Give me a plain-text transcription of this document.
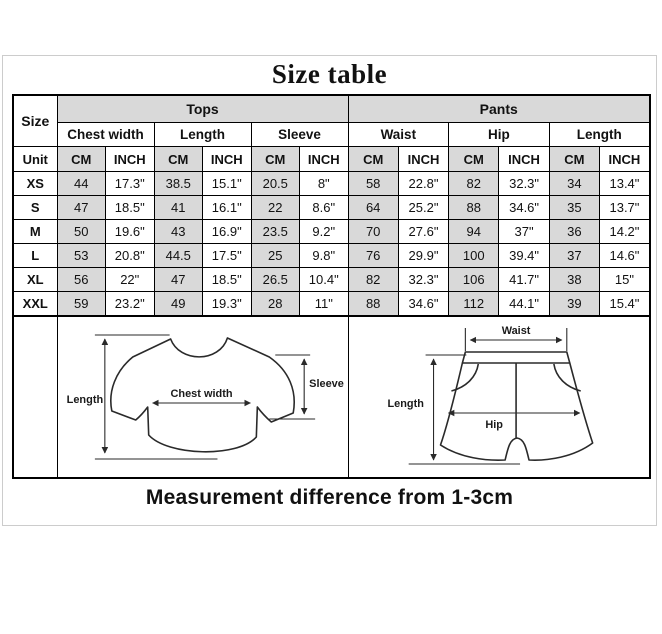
Size table
Size	Tops						Pants					
	Chest width		Length		Sleeve		Waist		Hip		Length	
Unit	CM	INCH	CM	INCH	CM	INCH	CM	INCH	CM	INCH	CM	INCH
XS	44	17.3"	38.5	15.1"	20.5	8"	58	22.8"	82	32.3"	34	13.4"
S	47	18.5"	41	16.1"	22	8.6"	64	25.2"	88	34.6"	35	13.7"
M	50	19.6"	43	16.9"	23.5	9.2"	70	27.6"	94	37"	36	14.2"
L	53	20.8"	44.5	17.5"	25	9.8"	76	29.9"	100	39.4"	37	14.6"
XL	56	22"	47	18.5"	26.5	10.4"	82	32.3"	106	41.7"	38	15"
XXL	59	23.2"	49	19.3"	28	11"	88	34.6"	112	44.1"	39	15.4"

Length Chest width
Sleeve						Waist
Length
Hip					
Measurement difference from 1-3cm
